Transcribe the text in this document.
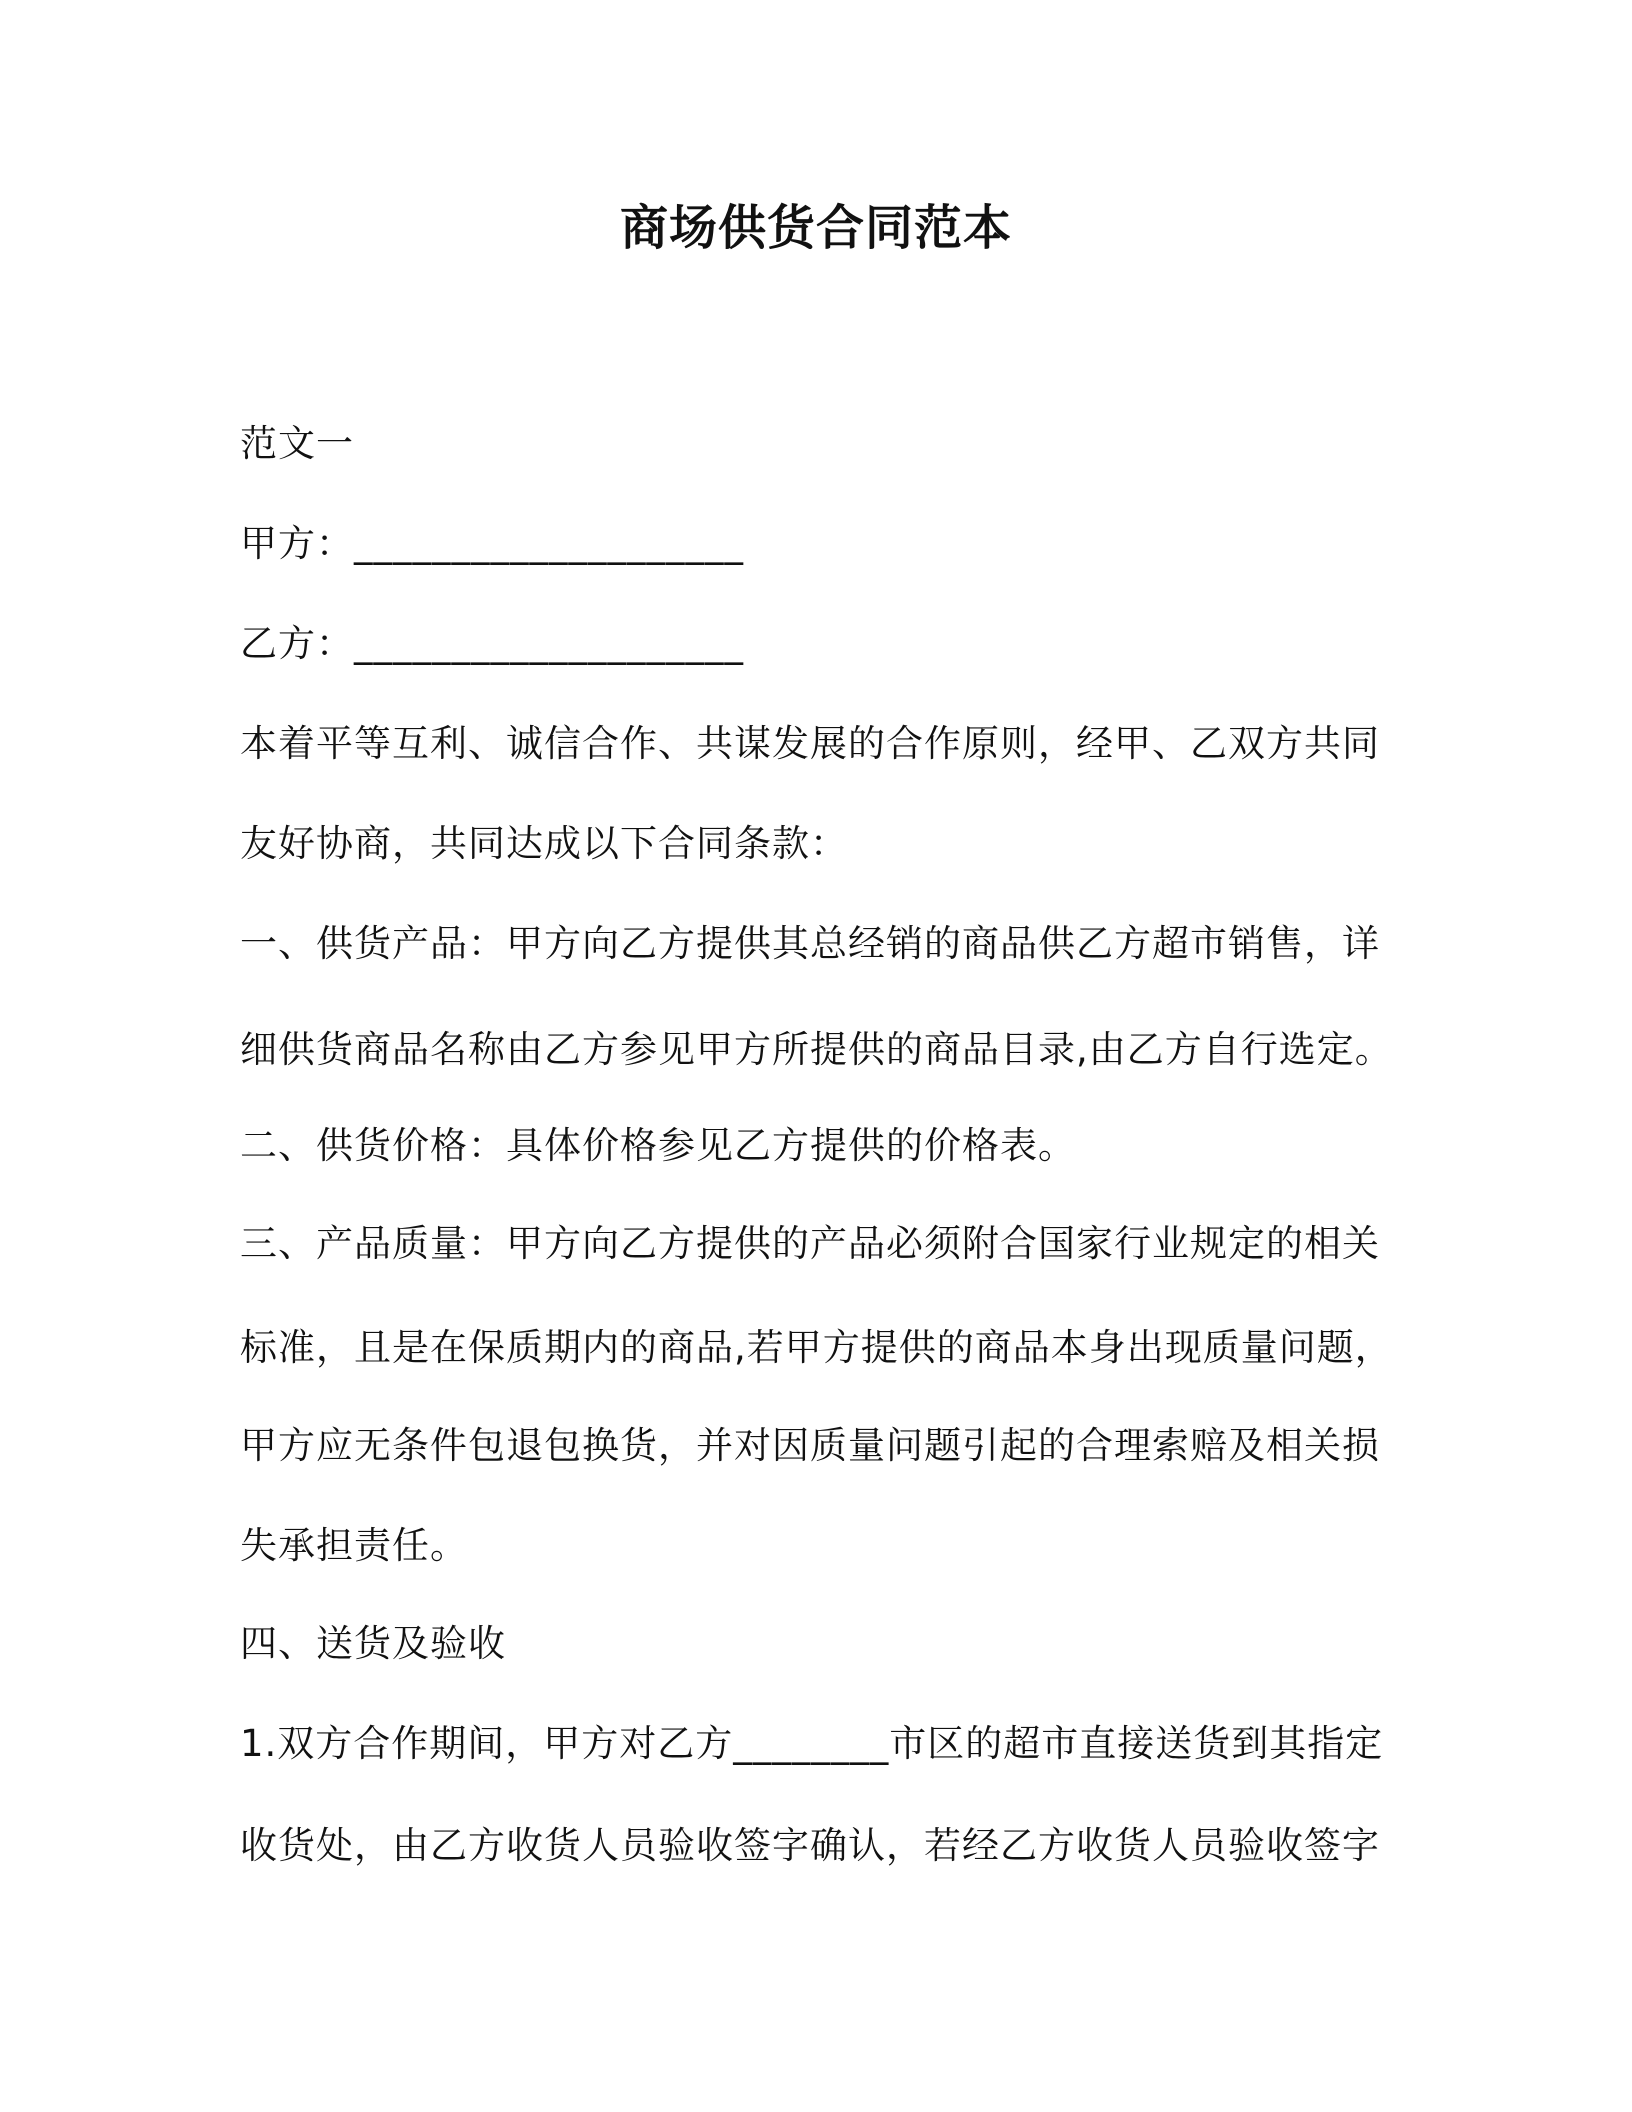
商场供货合同范本
范文一
甲方：____________________
乙方：____________________
本着平等互利、诚信合作、共谋发展的合作原则，经甲、乙双方共同
友好协商，共同达成以下合同条款：
一、供货产品：甲方向乙方提供其总经销的商品供乙方超市销售，详
细供货商品名称由乙方参见甲方所提供的商品目录,由乙方自行选定。
二、供货价格：具体价格参见乙方提供的价格表。
三、产品质量：甲方向乙方提供的产品必须附合国家行业规定的相关
标准，且是在保质期内的商品,若甲方提供的商品本身出现质量问题，
甲方应无条件包退包换货，并对因质量问题引起的合理索赔及相关损
失承担责任。
四、送货及验收
1.双方合作期间，甲方对乙方________市区的超市直接送货到其指定
收货处，由乙方收货人员验收签字确认，若经乙方收货人员验收签字
